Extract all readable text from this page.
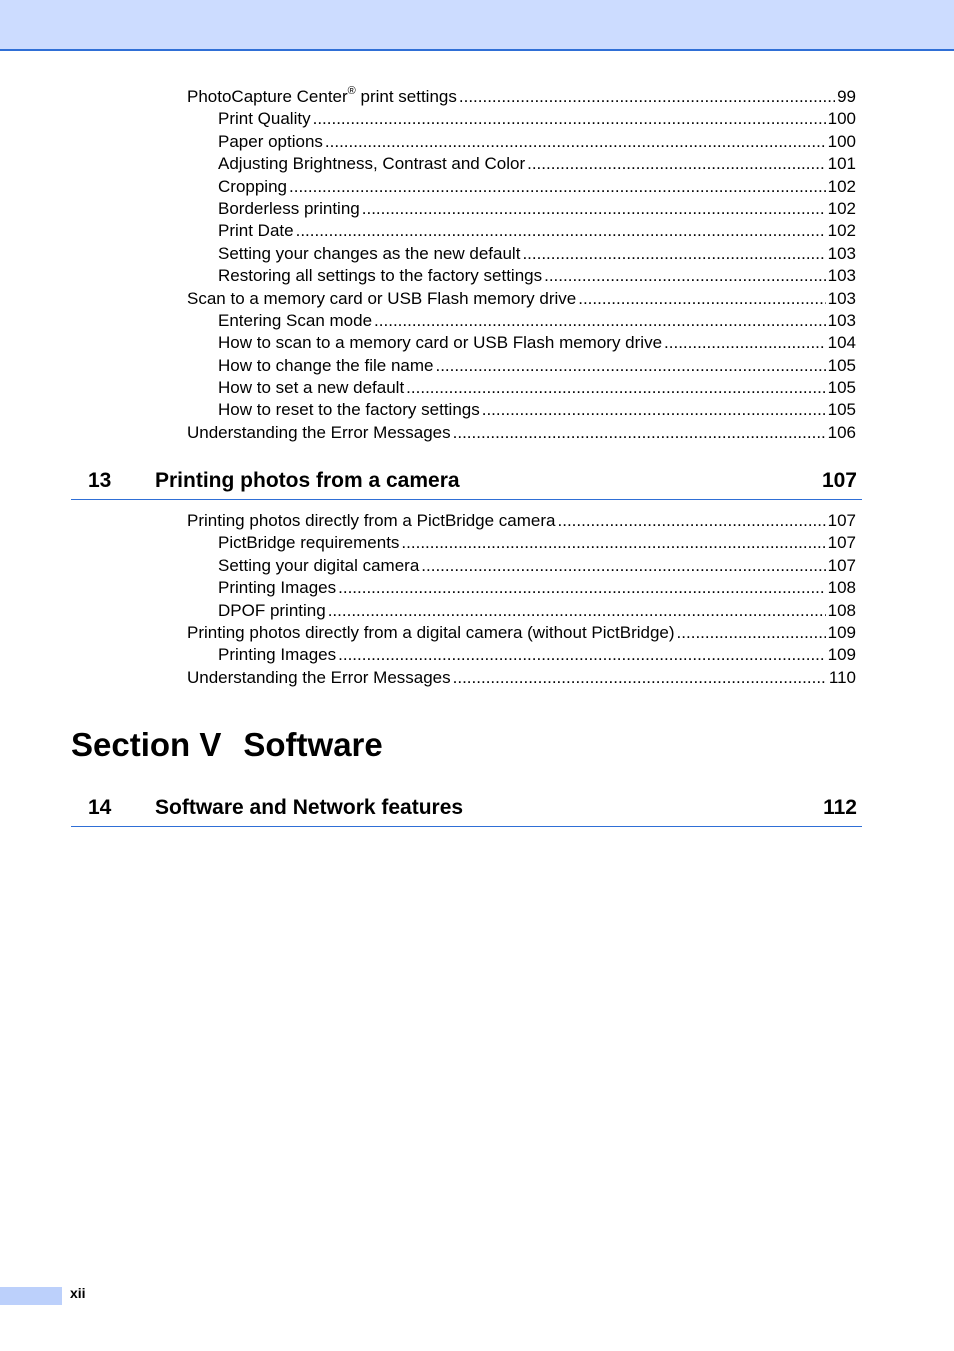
PhotoCapture Center® print settings .....	99
Print Quality .....	100
Paper options .....	100
Adjusting Brightness, Contrast and Color .....	101
Cropping .....	102
Borderless printing .....	102
Print Date .....	102
Setting your changes as the new default .....	103
Restoring all settings to the factory settings .....	103
Scan to a memory card or USB Flash memory drive .....	103
Entering Scan mode .....	103
How to scan to a memory card or USB Flash memory drive .....	104
How to change the file name .....	105
How to set a new default .....	105
How to reset to the factory settings .....	105
Understanding the Error Messages .....	106
13 Printing photos from a camera	107
Printing photos directly from a PictBridge camera .....	107
PictBridge requirements .....	107
Setting your digital camera .....	107
Printing Images .....	108
DPOF printing .....	108
Printing photos directly from a digital camera (without PictBridge) .....	109
Printing Images .....	109
Understanding the Error Messages .....	110
Section V Software
14 Software and Network features	112
xii
